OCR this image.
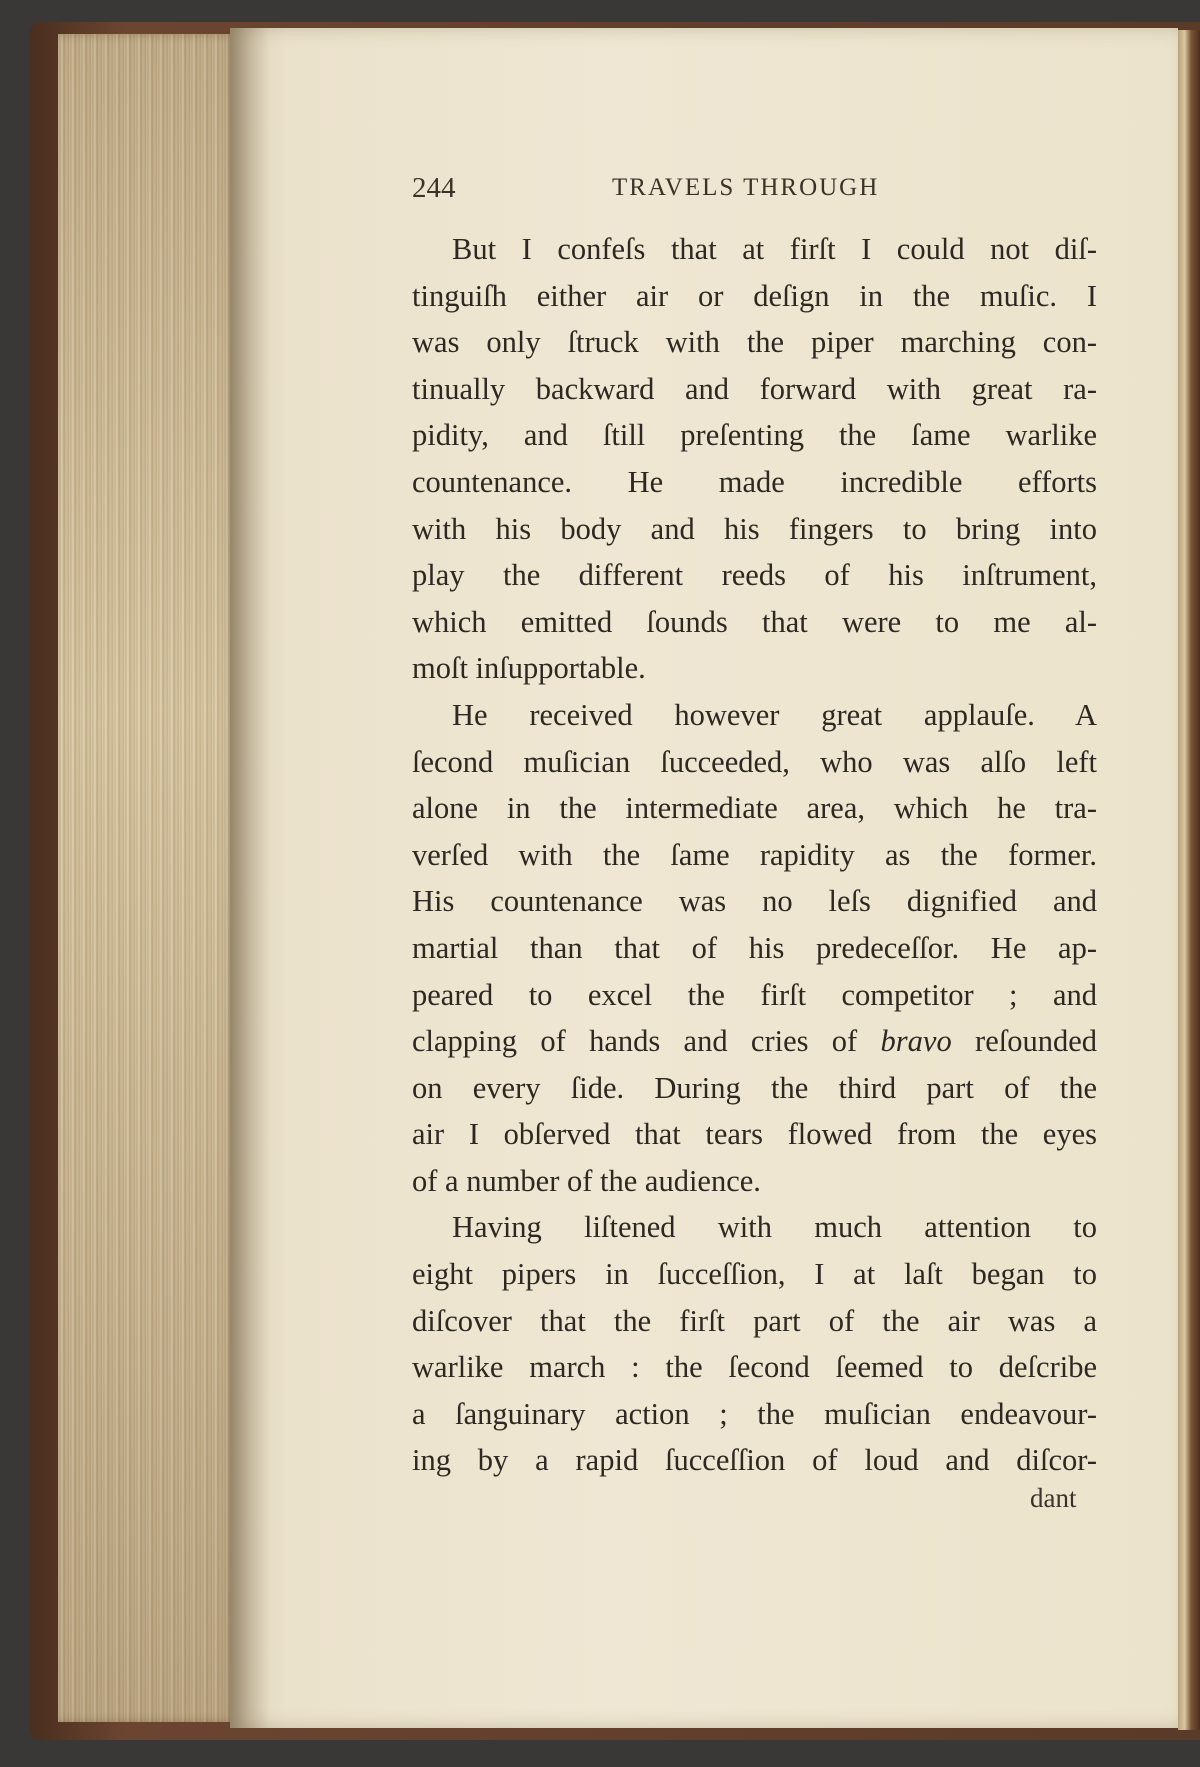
244	TRAVELS THROUGH
But I confeſs that at firſt I could not diſ-
tinguiſh either air or deſign in the muſic. I
was only ſtruck with the piper marching con-
tinually backward and forward with great ra-
pidity, and ſtill preſenting the ſame warlike
countenance. He made incredible efforts
with his body and his fingers to bring into
play the different reeds of his inſtrument,
which emitted ſounds that were to me al-
moſt inſupportable.
He received however great applauſe. A
ſecond muſician ſucceeded, who was alſo left
alone in the intermediate area, which he tra-
verſed with the ſame rapidity as the former.
His countenance was no leſs dignified and
martial than that of his predeceſſor. He ap-
peared to excel the firſt competitor ; and
clapping of hands and cries of bravo reſounded
on every ſide. During the third part of the
air I obſerved that tears flowed from the eyes
of a number of the audience.
Having liſtened with much attention to
eight pipers in ſucceſſion, I at laſt began to
diſcover that the firſt part of the air was a
warlike march : the ſecond ſeemed to deſcribe
a ſanguinary action ; the muſician endeavour-
ing by a rapid ſucceſſion of loud and diſcor-
dant
